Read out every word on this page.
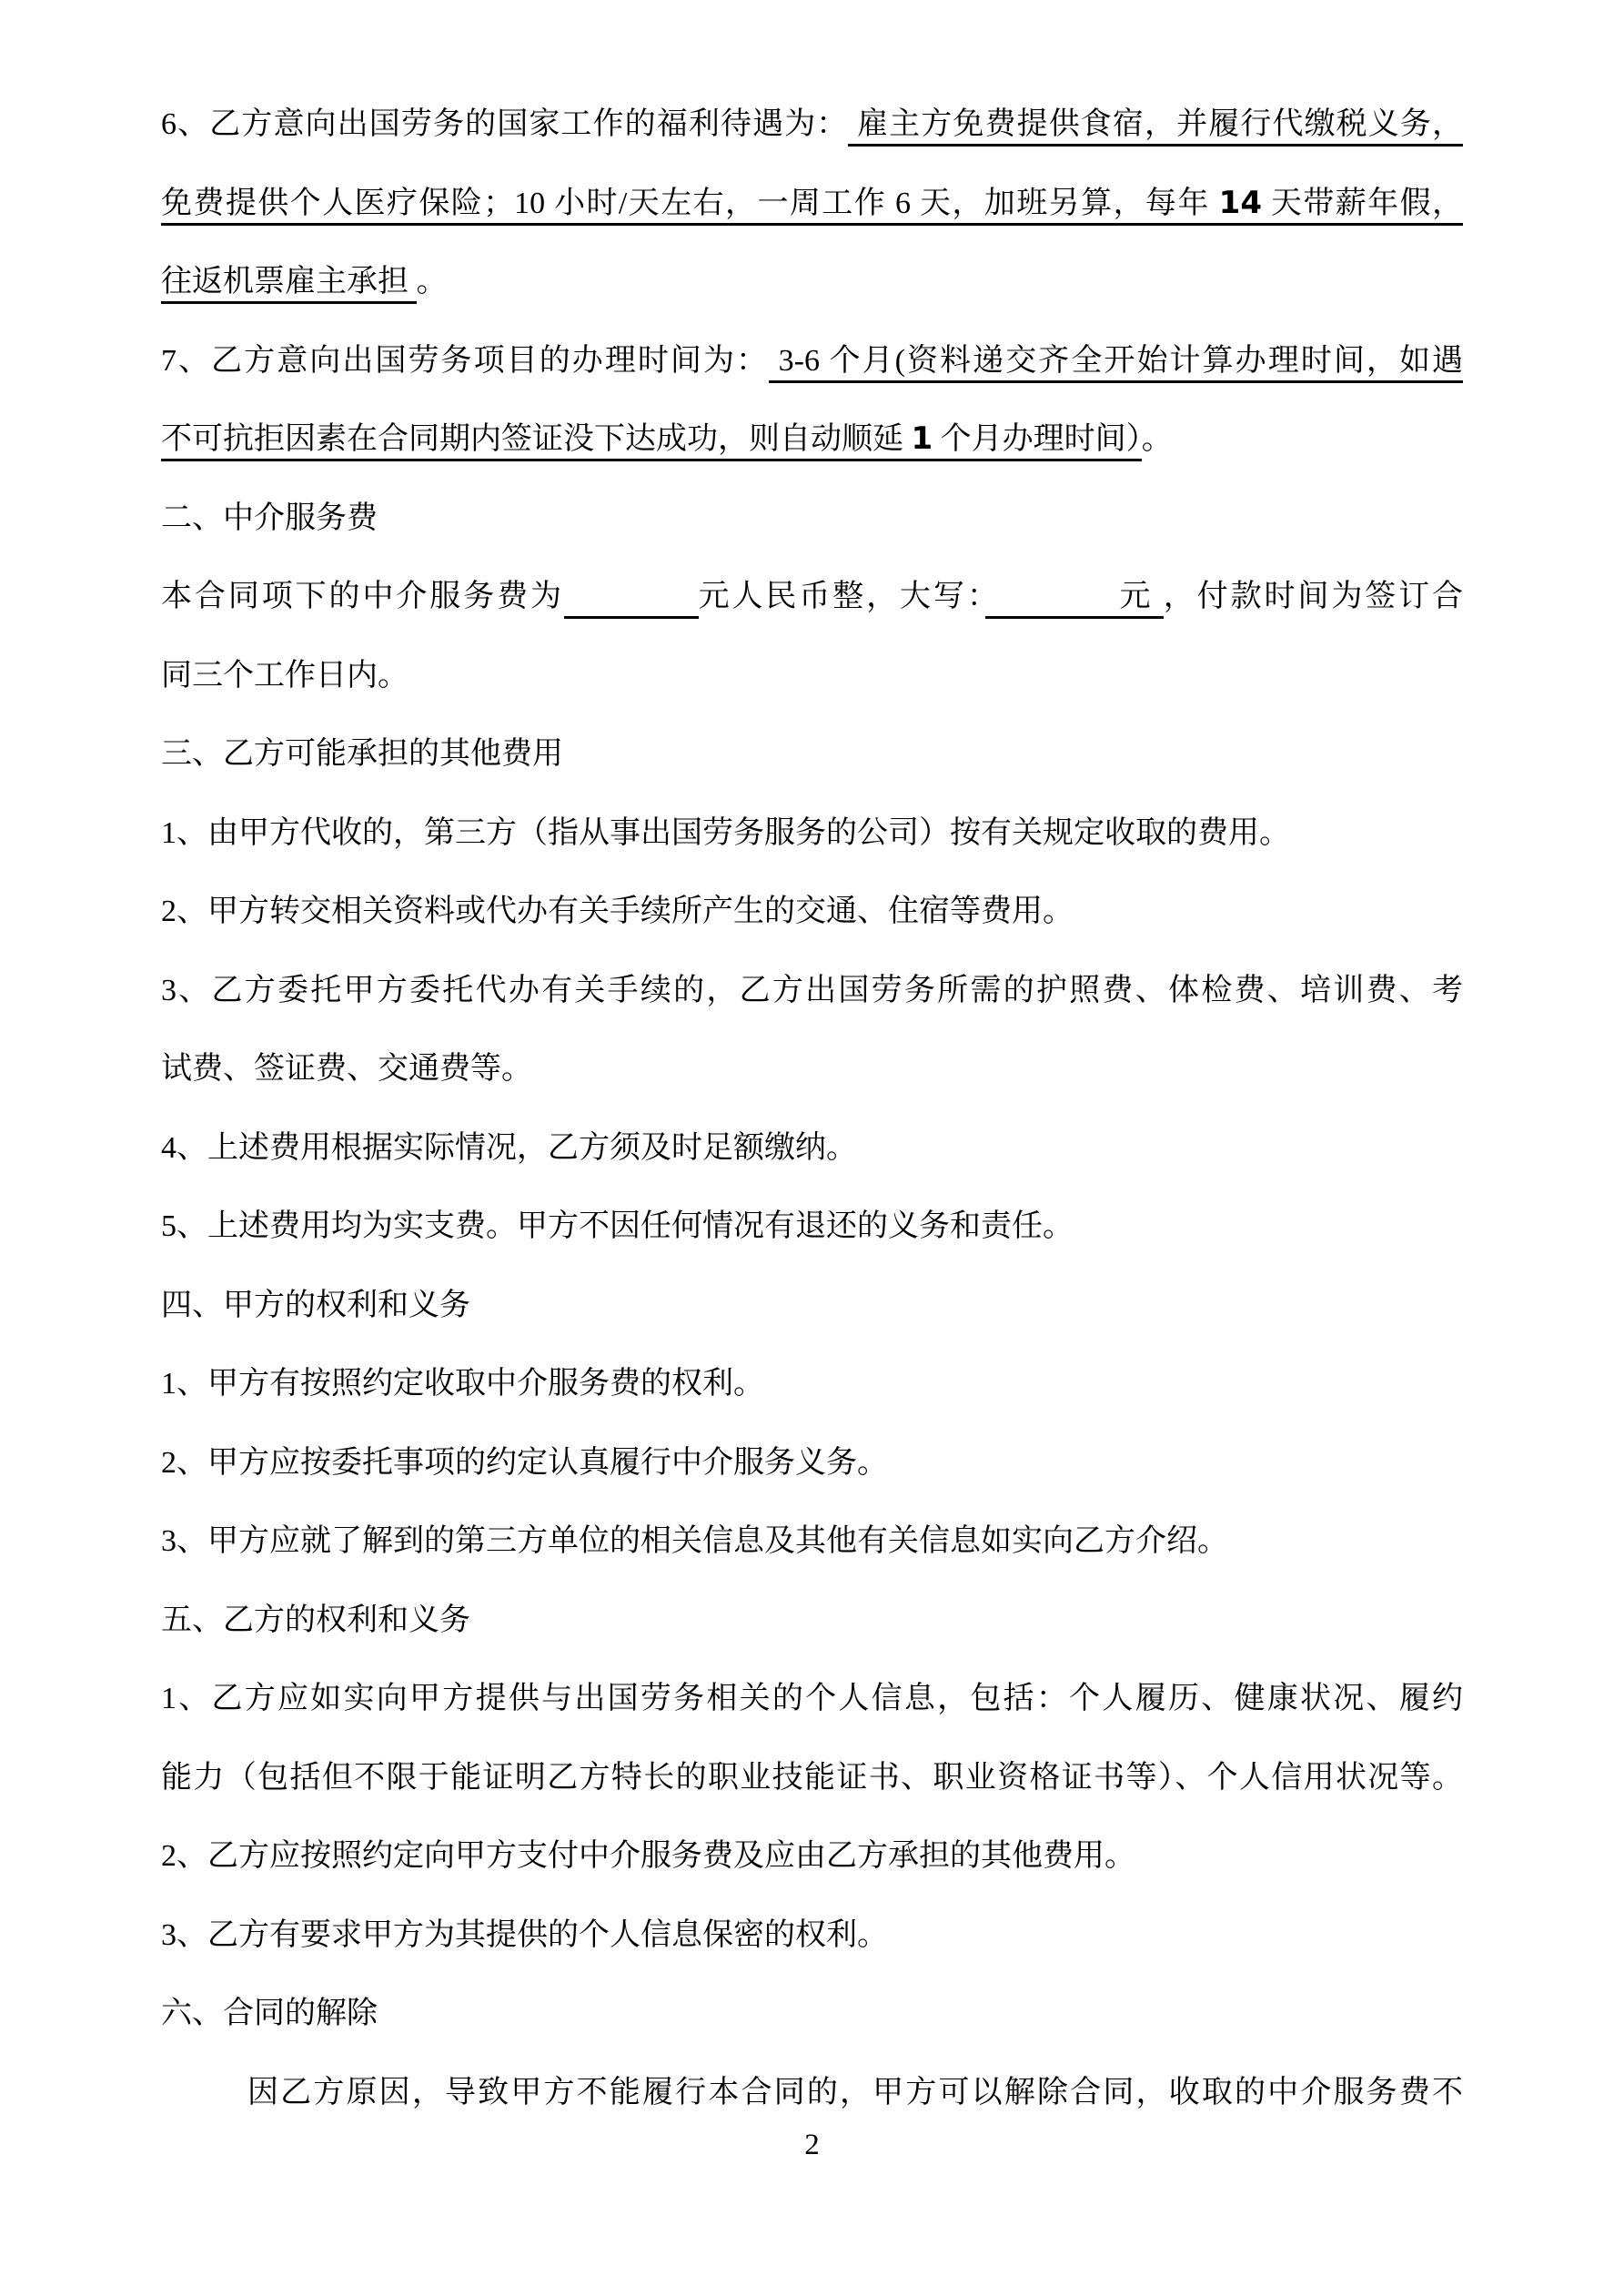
6、乙方意向出国劳务的国家工作的福利待遇为： 雇主方免费提供食宿，并履行代缴税义务，
免费提供个人医疗保险；10 小时/天左右，一周工作 6 天，加班另算，每年 14 天带薪年假，
往返机票雇主承担 。
7、乙方意向出国劳务项目的办理时间为： 3-6 个月(资料递交齐全开始计算办理时间，如遇
不可抗拒因素在合同期内签证没下达成功，则自动顺延 1 个月办理时间）。
二、中介服务费
本合同项下的中介服务费为　　　　	元人民币整，大写：　　　　元 ，付款时间为签订合
同三个工作日内。
三、乙方可能承担的其他费用
1、由甲方代收的，第三方（指从事出国劳务服务的公司）按有关规定收取的费用。
2、甲方转交相关资料或代办有关手续所产生的交通、住宿等费用。
3、乙方委托甲方委托代办有关手续的，乙方出国劳务所需的护照费、体检费、培训费、考
试费、签证费、交通费等。
4、上述费用根据实际情况，乙方须及时足额缴纳。
5、上述费用均为实支费。甲方不因任何情况有退还的义务和责任。
四、甲方的权利和义务
1、甲方有按照约定收取中介服务费的权利。
2、甲方应按委托事项的约定认真履行中介服务义务。
3、甲方应就了解到的第三方单位的相关信息及其他有关信息如实向乙方介绍。
五、乙方的权利和义务
1、乙方应如实向甲方提供与出国劳务相关的个人信息，包括：个人履历、健康状况、履约
能力（包括但不限于能证明乙方特长的职业技能证书、职业资格证书等）、个人信用状况等。
2、乙方应按照约定向甲方支付中介服务费及应由乙方承担的其他费用。
3、乙方有要求甲方为其提供的个人信息保密的权利。
六、合同的解除
因乙方原因，导致甲方不能履行本合同的，甲方可以解除合同，收取的中介服务费不
2
